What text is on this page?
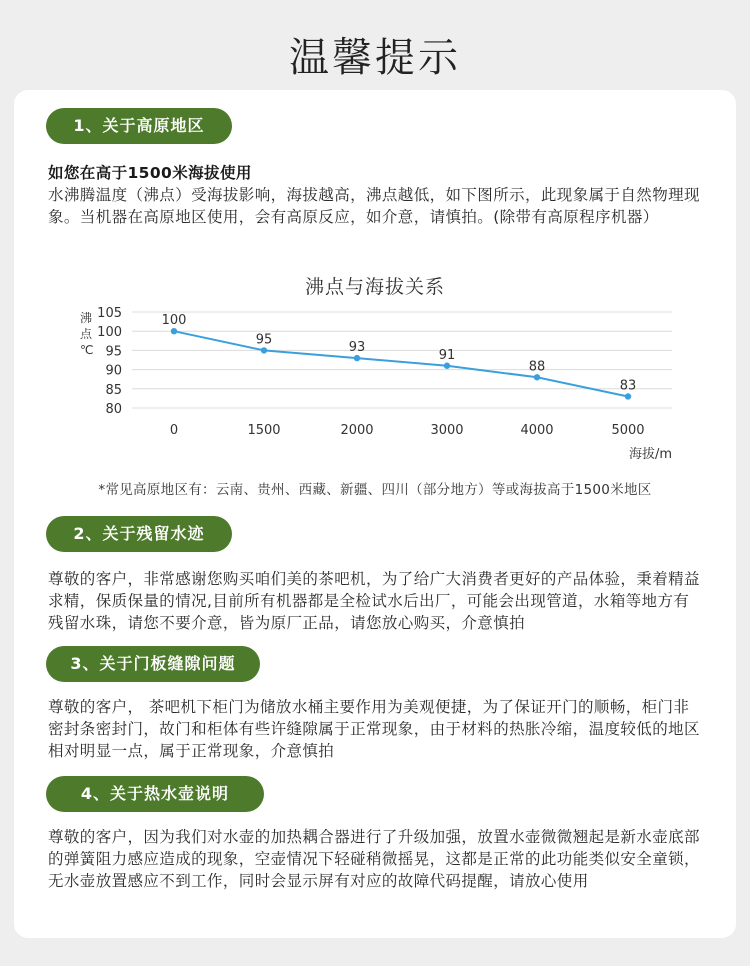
温馨提示
1、关于高原地区
如您在高于1500米海拔使用
水沸腾温度（沸点）受海拔影响，海拔越高，沸点越低，如下图所示，此现象属于自然物理现象。当机器在高原地区使用，会有高原反应，如介意，请慎拍。(除带有高原程序机器）
沸点与海拔关系
沸点℃
105
100
95
90
85
80
0	1500	2000	3000	4000	5000
100
95
93
91
88
83
海拔/m
*常见高原地区有：云南、贵州、西藏、新疆、四川（部分地方）等或海拔高于1500米地区
2、关于残留水迹
尊敬的客户，非常感谢您购买咱们美的茶吧机，为了给广大消费者更好的产品体验，秉着精益求精，保质保量的情况,目前所有机器都是全检试水后出厂，可能会出现管道，水箱等地方有残留水珠，请您不要介意，皆为原厂正品，请您放心购买，介意慎拍
3、关于门板缝隙问题
尊敬的客户， 茶吧机下柜门为储放水桶主要作用为美观便捷，为了保证开门的顺畅，柜门非密封条密封门，故门和柜体有些许缝隙属于正常现象，由于材料的热胀冷缩，温度较低的地区相对明显一点，属于正常现象，介意慎拍
4、关于热水壶说明
尊敬的客户，因为我们对水壶的加热耦合器进行了升级加强，放置水壶微微翘起是新水壶底部的弹簧阻力感应造成的现象，空壶情况下轻碰稍微摇晃，这都是正常的此功能类似安全童锁，无水壶放置感应不到工作，同时会显示屏有对应的故障代码提醒，请放心使用
